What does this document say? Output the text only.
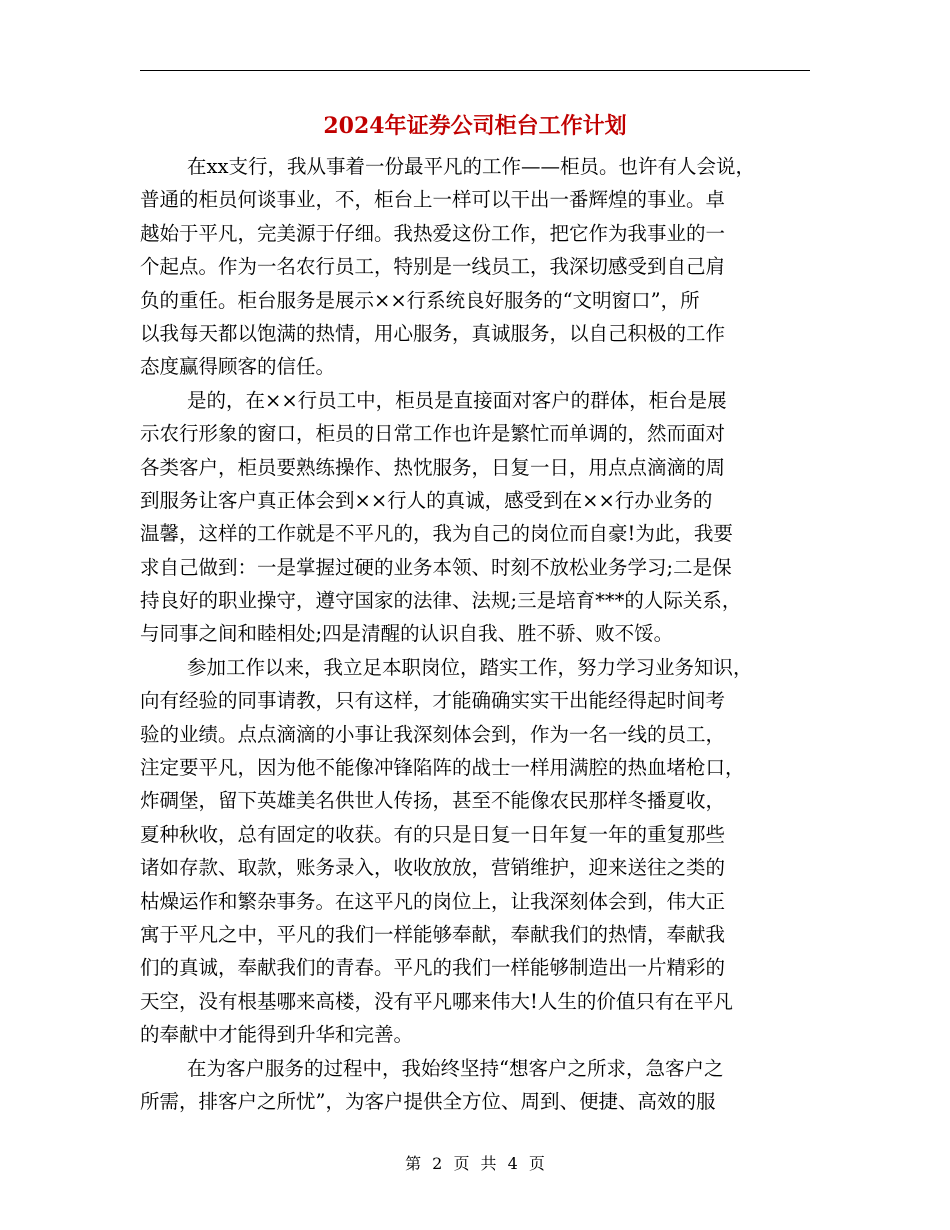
2024年证券公司柜台工作计划
在xx支行，我从事着一份最平凡的工作——柜员。也许有人会说，
普通的柜员何谈事业，不，柜台上一样可以干出一番辉煌的事业。卓
越始于平凡，完美源于仔细。我热爱这份工作，把它作为我事业的一
个起点。作为一名农行员工，特别是一线员工，我深切感受到自己肩
负的重任。柜台服务是展示××行系统良好服务的“文明窗口”，所
以我每天都以饱满的热情，用心服务，真诚服务，以自己积极的工作
态度赢得顾客的信任。
是的，在××行员工中，柜员是直接面对客户的群体，柜台是展
示农行形象的窗口，柜员的日常工作也许是繁忙而单调的，然而面对
各类客户，柜员要熟练操作、热忱服务，日复一日，用点点滴滴的周
到服务让客户真正体会到××行人的真诚，感受到在××行办业务的
温馨，这样的工作就是不平凡的，我为自己的岗位而自豪!为此，我要
求自己做到：一是掌握过硬的业务本领、时刻不放松业务学习;二是保
持良好的职业操守，遵守国家的法律、法规;三是培育***的人际关系，
与同事之间和睦相处;四是清醒的认识自我、胜不骄、败不馁。
参加工作以来，我立足本职岗位，踏实工作，努力学习业务知识，
向有经验的同事请教，只有这样，才能确确实实干出能经得起时间考
验的业绩。点点滴滴的小事让我深刻体会到，作为一名一线的员工，
注定要平凡，因为他不能像冲锋陷阵的战士一样用满腔的热血堵枪口，
炸碉堡，留下英雄美名供世人传扬，甚至不能像农民那样冬播夏收，
夏种秋收，总有固定的收获。有的只是日复一日年复一年的重复那些
诸如存款、取款，账务录入，收收放放，营销维护，迎来送往之类的
枯燥运作和繁杂事务。在这平凡的岗位上，让我深刻体会到，伟大正
寓于平凡之中，平凡的我们一样能够奉献，奉献我们的热情，奉献我
们的真诚，奉献我们的青春。平凡的我们一样能够制造出一片精彩的
天空，没有根基哪来高楼，没有平凡哪来伟大!人生的价值只有在平凡
的奉献中才能得到升华和完善。
在为客户服务的过程中，我始终坚持“想客户之所求，急客户之
所需，排客户之所忧”，为客户提供全方位、周到、便捷、高效的服
第 2 页 共 4 页
